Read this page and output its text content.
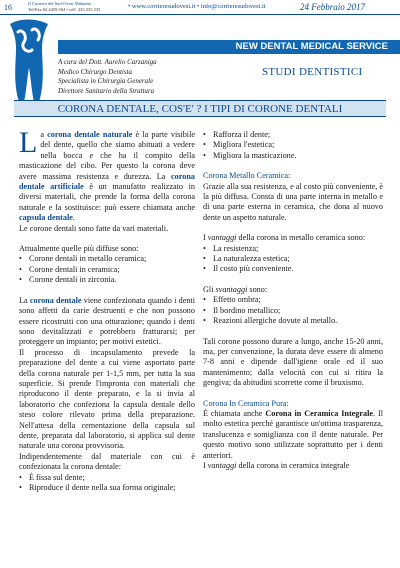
16	Il Corriere del Sud-Ovest Milanese
Tel/Fax 02.4459.564 • cell. 335.335.335	• www.corrieresudovest.it • info@corrieresudovest.it	24 Febbraio 2017
NEW DENTAL MEDICAL SERVICE
A cura del Dott. Aurelio Carzaniga
Medico Chirurgo Dentista
Specialista in Chirurgia Generale
Direttore Sanitario della Struttura
STUDI DENTISTICI
CORONA DENTALE, COS'E' ? I TIPI DI CORONE DENTALI

La corona dentale naturale è la parte visibile del dente, quello che siamo abituati a vedere nella bocca e che ha il compito della masticazione del cibo. Per questo la corona deve avere massima resistenza e durezza. La corona dentale artificiale è un manufatto realizzato in diversi materiali, che prende la forma della corona naturale e la sostituisce: può essere chiamata anche capsula dentale.

Le corone dentali sono fatte da vari materiali.

Attualmente quelle più diffuse sono:

• Corone dentali in metallo ceramica;
• Corone dentali in ceramica;
• Corone dentali in zirconia.

La corona dentale viene confezionata quando i denti sono affetti da carie destruenti e che non possono essere ricostruiti con una otturazione; quando i denti sono devitalizzati e potrebbero fratturarsi; per proteggere un impianto; per motivi estetici.

Il processo di incapsulamento prevede la preparazione del dente a cui viene asportato parte della corona naturale per 1-1,5 mm, per tutta la sua superficie. Si prende l'impronta con materiali che riproducono il dente preparato, e la si invia al laboratorio che confeziona la capsula dentale dello steso colore rilevato prima della preparazione. Nell'attesa della cementazione della capsula sul dente, preparata dal laboratorio, si applica sul dente naturale una corona provvisoria.

Indipendentemente dal materiale con cui è confezionata la corona dentale:

• È fissa sul dente;
• Riproduce il dente nella sua forma originale;
• Rafforza il dente;
• Migliora l'estetica;
• Migliora la masticazione.

Corona Metallo Ceramica:

Grazie alla sua resistenza, e al costo più conveniente, è la più diffusa. Consta di una parte interna in metallo e di una parte esterna in ceramica, che dona al nuovo dente un aspetto naturale.

I vantaggi della corona in metallo ceramica sono:

• La resistenza;
• La naturalezza estetica;
• Il costo più conveniente.

Gli svantaggi sono:

• Effetto ombra;
• Il bordino metallico;
• Reazioni allergiche dovute al metallo.

Tali corone possono durare a lungo, anche 15-20 anni, ma, per convenzione, la durata deve essere di almeno 7-8 anni e dipende dall'igiene orale ed il suo mantenimento; dalla velocità con cui si ritira la gengiva; da abitudini scorrette come il bruxismo.

Corona In Ceramica Pura:

È chiamata anche Corona in Ceramica Integrale. Il molto estetica perché garantisce un'ottima trasparenza, translucenza e somiglianza con il dente naturale. Per questo motivo sono utilizzate soprattutto per i denti anteriori.

I vantaggi della corona in ceramica integrale
